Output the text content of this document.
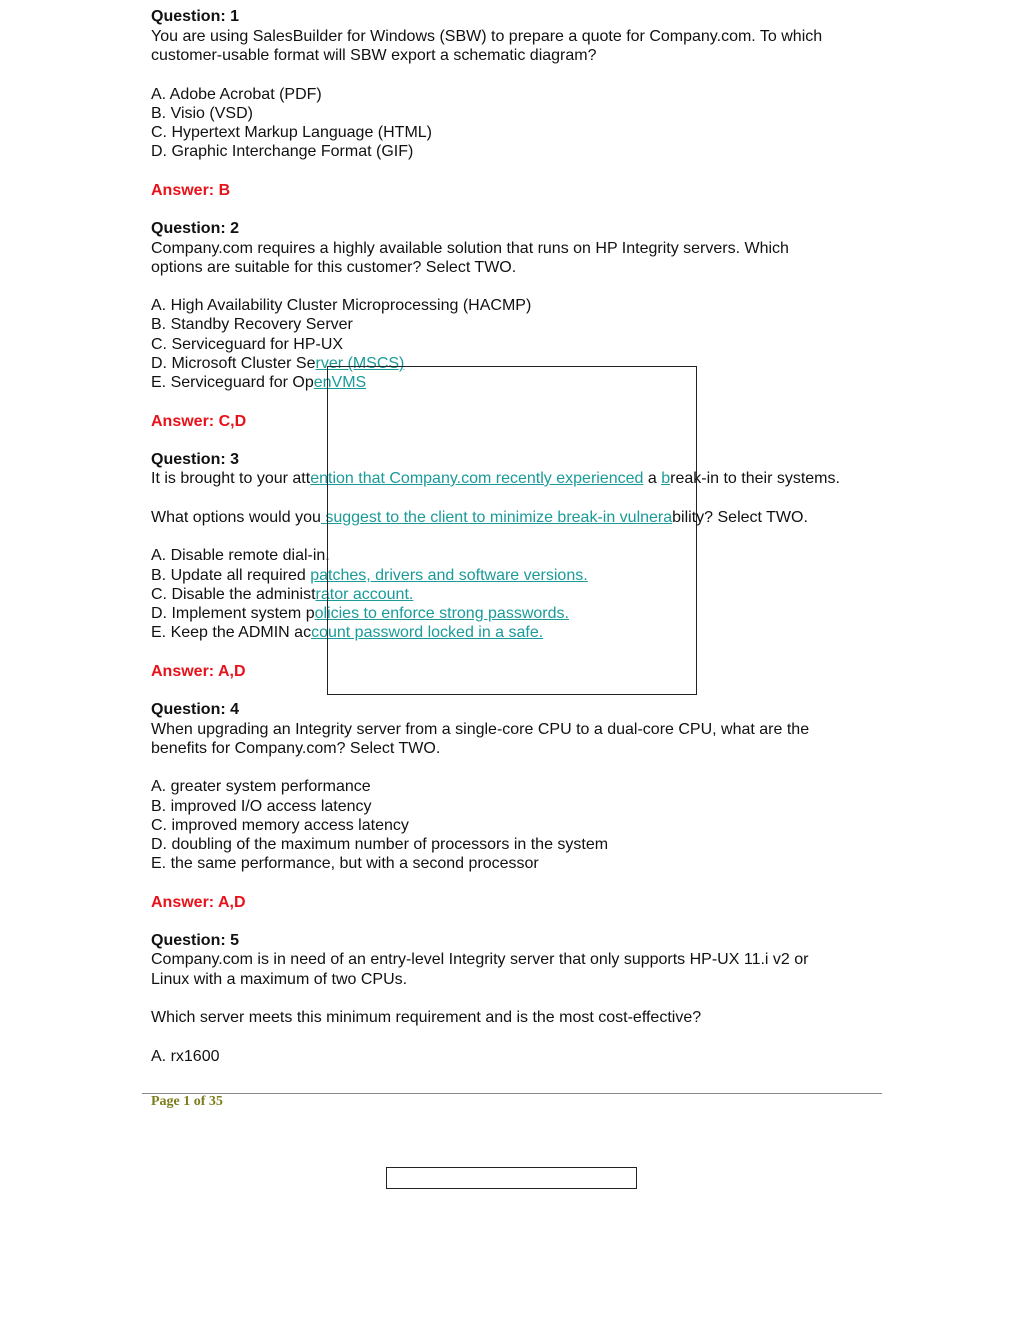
Question: 1
You are using SalesBuilder for Windows (SBW) to prepare a quote for Company.com. To which
customer-usable format will SBW export a schematic diagram?
A. Adobe Acrobat (PDF)
B. Visio (VSD)
C. Hypertext Markup Language (HTML)
D. Graphic Interchange Format (GIF)
Answer: B
Question: 2
Company.com requires a highly available solution that runs on HP Integrity servers. Which
options are suitable for this customer? Select TWO.
A. High Availability Cluster Microprocessing (HACMP)
B. Standby Recovery Server
C. Serviceguard for HP-UX
D. Microsoft Cluster Server (MSCS)
E. Serviceguard for OpenVMS
Answer: C,D
Question: 3
It is brought to your attention that Company.com recently experienced a break-in to their systems.
What options would you suggest to the client to minimize break-in vulnerability? Select TWO.
A. Disable remote dial-in.
B. Update all required patches, drivers and software versions.
C. Disable the administrator account.
D. Implement system policies to enforce strong passwords.
E. Keep the ADMIN account password locked in a safe.
Answer: A,D
Question: 4
When upgrading an Integrity server from a single-core CPU to a dual-core CPU, what are the
benefits for Company.com? Select TWO.
A. greater system performance
B. improved I/O access latency
C. improved memory access latency
D. doubling of the maximum number of processors in the system
E. the same performance, but with a second processor
Answer: A,D
Question: 5
Company.com is in need of an entry-level Integrity server that only supports HP-UX 11.i v2 or
Linux with a maximum of two CPUs.
Which server meets this minimum requirement and is the most cost-effective?
A. rx1600
Page 1 of 35
